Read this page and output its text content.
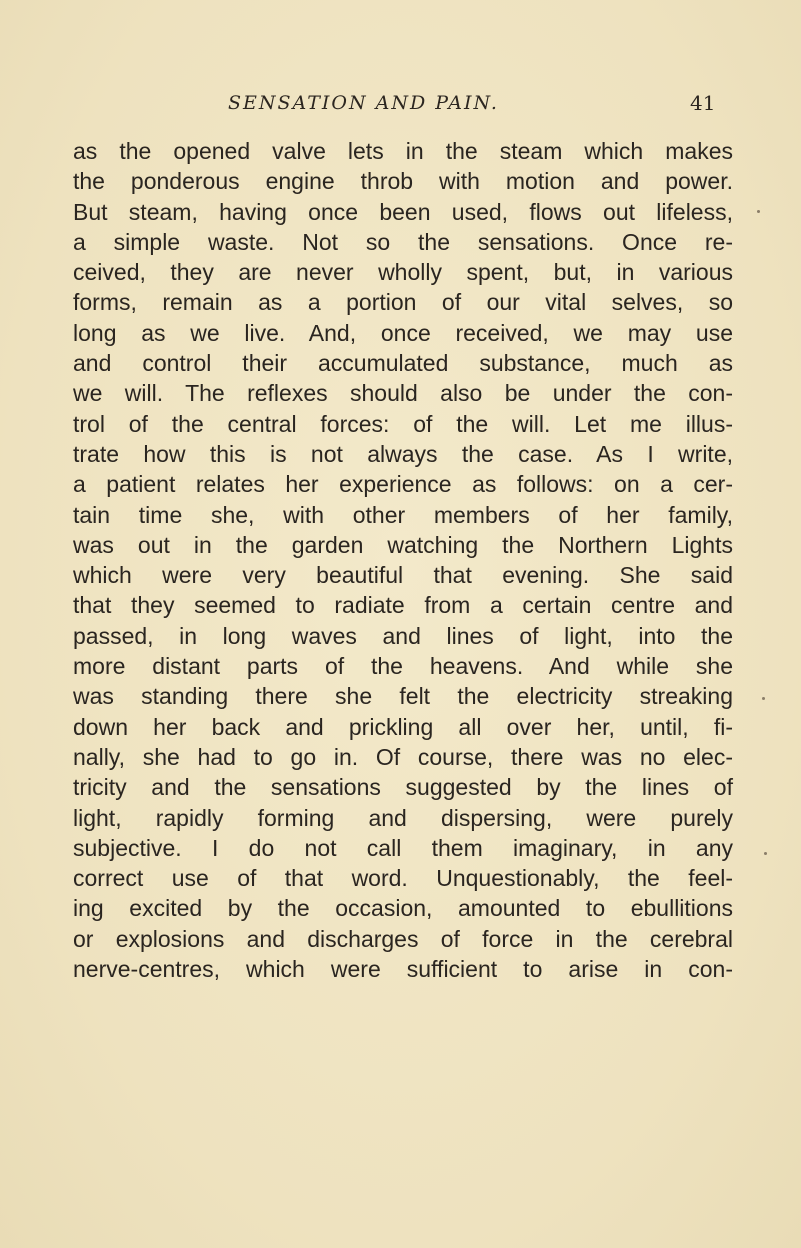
SENSATION AND PAIN.	41
as the opened valve lets in the steam which makes
the ponderous engine throb with motion and power.
But steam, having once been used, flows out lifeless,
a simple waste. Not so the sensations. Once re-
ceived, they are never wholly spent, but, in various
forms, remain as a portion of our vital selves, so
long as we live. And, once received, we may use
and control their accumulated substance, much as
we will. The reflexes should also be under the con-
trol of the central forces: of the will. Let me illus-
trate how this is not always the case. As I write,
a patient relates her experience as follows: on a cer-
tain time she, with other members of her family,
was out in the garden watching the Northern Lights
which were very beautiful that evening. She said
that they seemed to radiate from a certain centre and
passed, in long waves and lines of light, into the
more distant parts of the heavens. And while she
was standing there she felt the electricity streaking
down her back and prickling all over her, until, fi-
nally, she had to go in. Of course, there was no elec-
tricity and the sensations suggested by the lines of
light, rapidly forming and dispersing, were purely
subjective. I do not call them imaginary, in any
correct use of that word. Unquestionably, the feel-
ing excited by the occasion, amounted to ebullitions
or explosions and discharges of force in the cerebral
nerve-centres, which were sufficient to arise in con-
